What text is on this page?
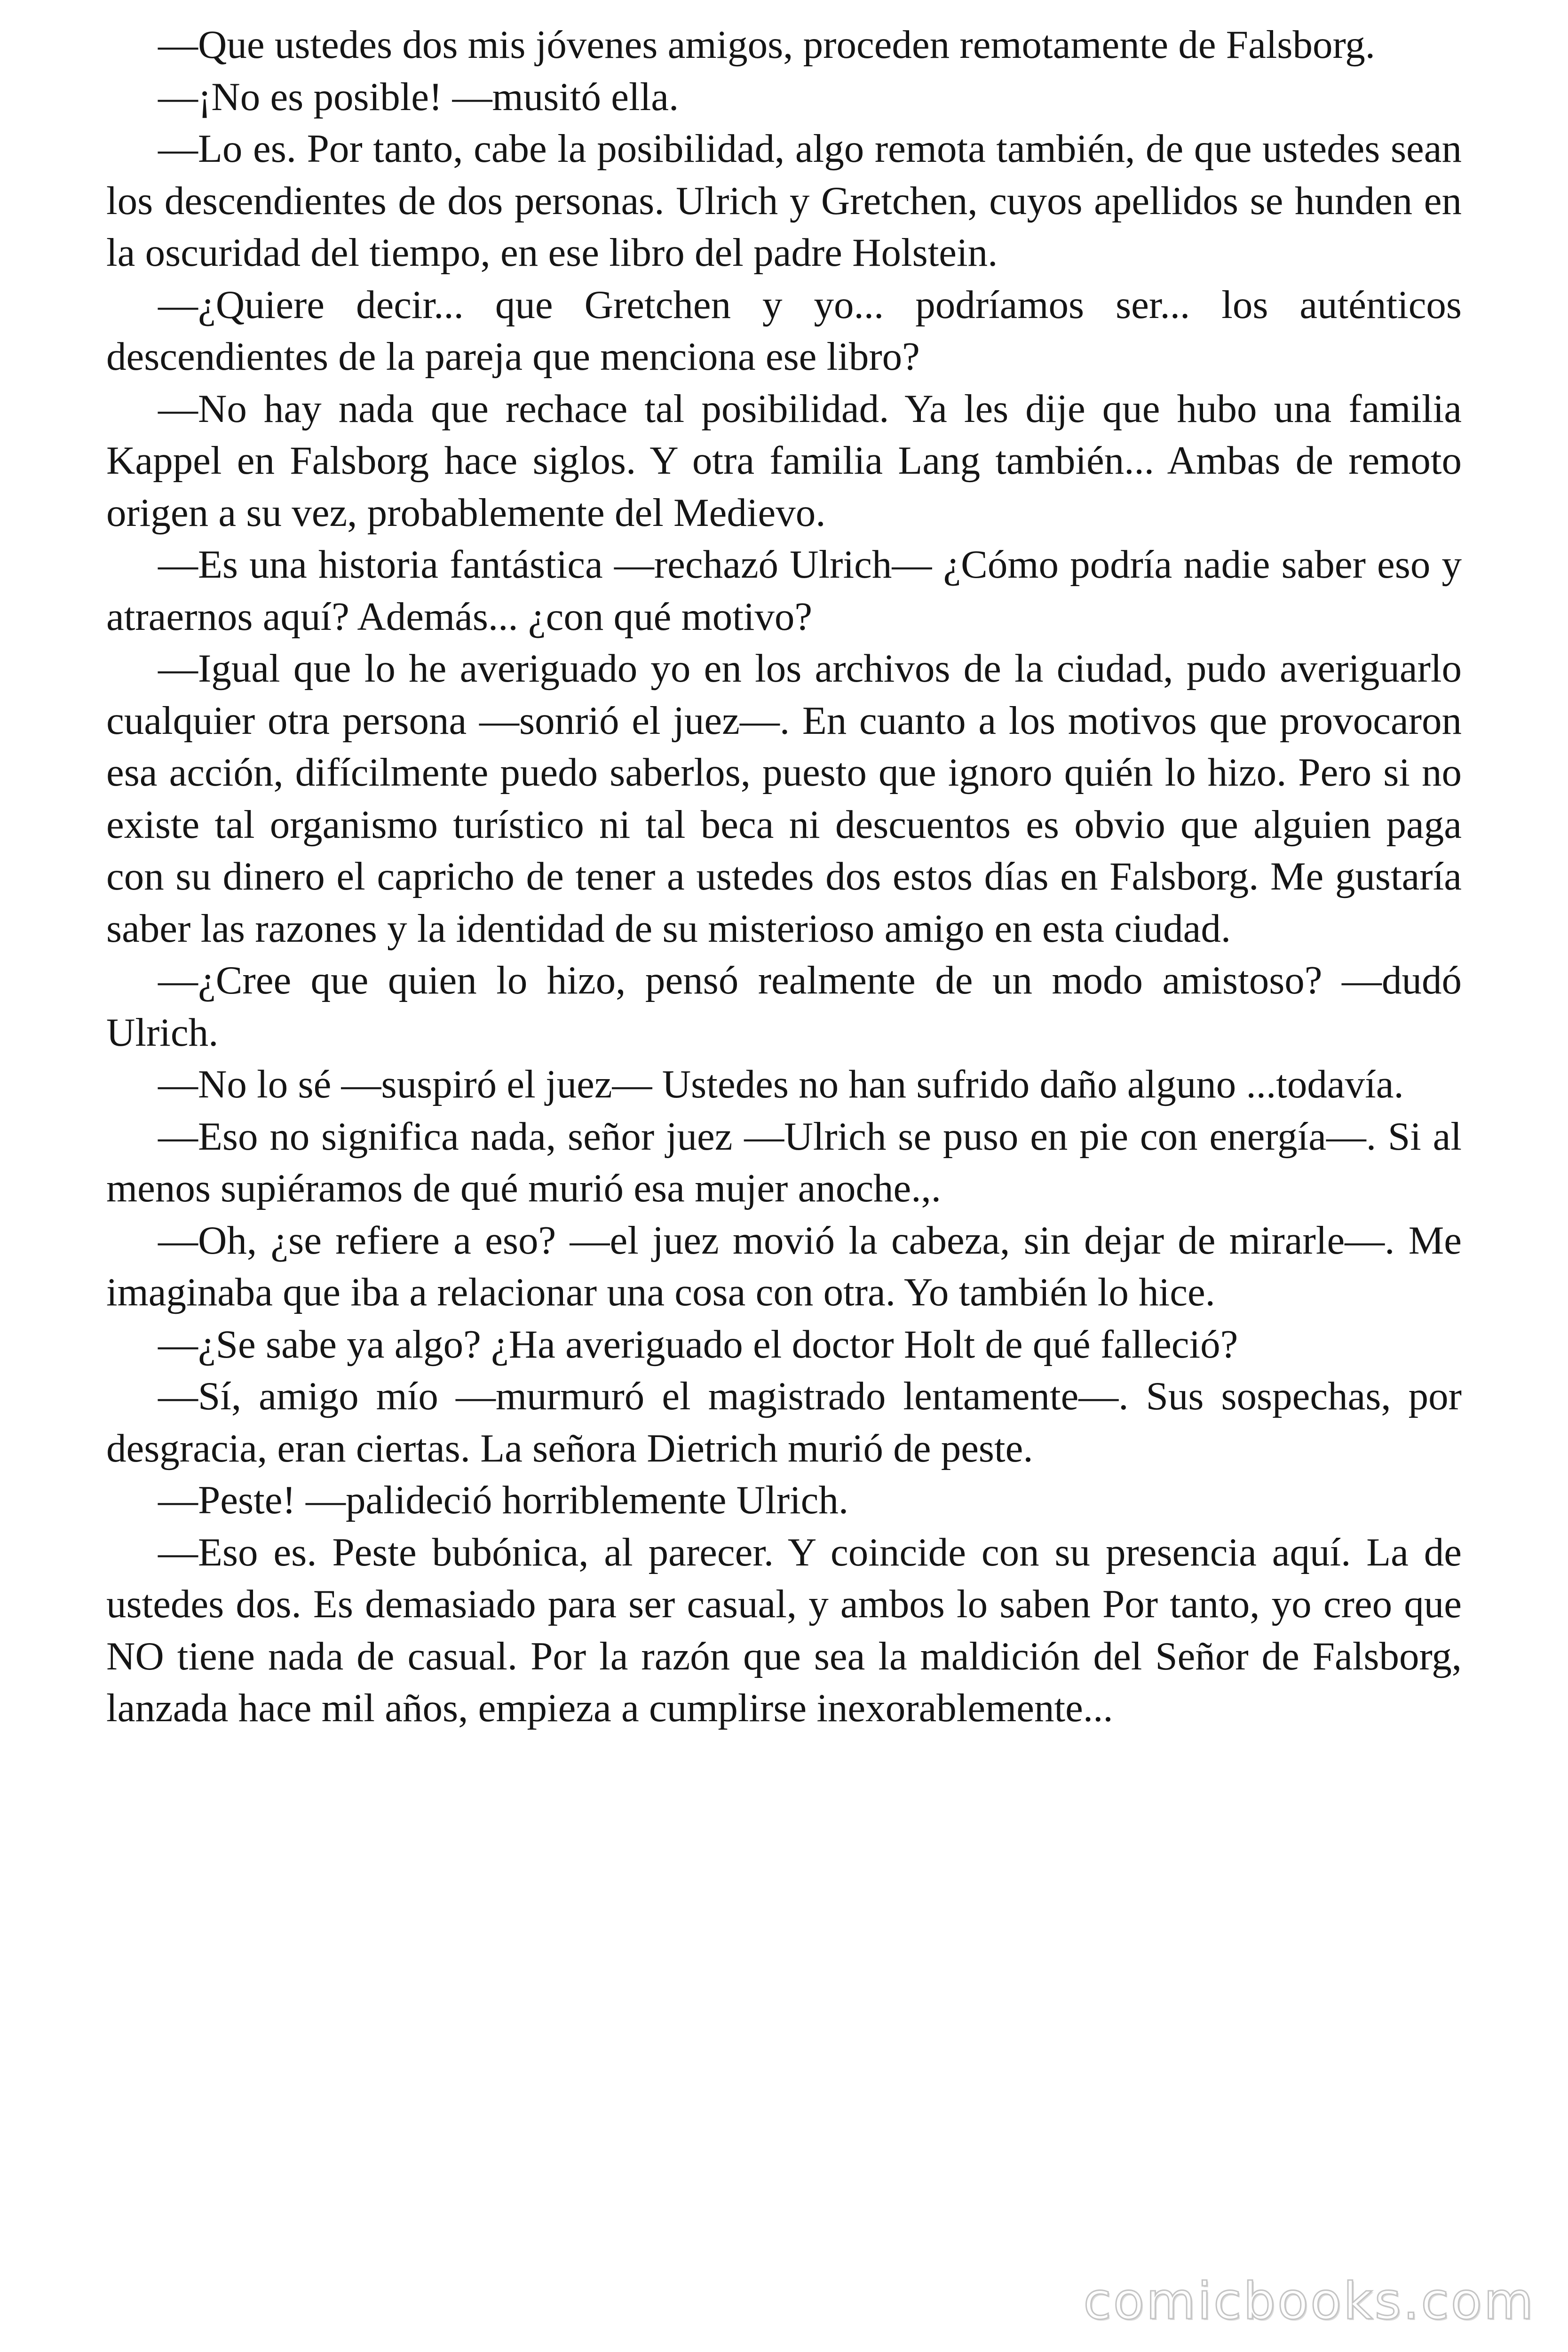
—Que ustedes dos mis jóvenes amigos, proceden remotamente de Falsborg.

—¡No es posible! —musitó ella.

—Lo es. Por tanto, cabe la posibilidad, algo remota también, de que ustedes sean los descendientes de dos personas. Ulrich y Gretchen, cuyos apellidos se hunden en la oscuridad del tiempo, en ese libro del padre Holstein.

—¿Quiere decir... que Gretchen y yo... podríamos ser... los auténticos descendientes de la pareja que menciona ese libro?

—No hay nada que rechace tal posibilidad. Ya les dije que hubo una familia Kappel en Falsborg hace siglos. Y otra familia Lang también... Ambas de remoto origen a su vez, probablemente del Medievo.

—Es una historia fantástica —rechazó Ulrich— ¿Cómo podría nadie saber eso y atraernos aquí? Además... ¿con qué motivo?

—Igual que lo he averiguado yo en los archivos de la ciudad, pudo averiguarlo cualquier otra persona —sonrió el juez—. En cuanto a los motivos que provocaron esa acción, difícilmente puedo saberlos, puesto que ignoro quién lo hizo. Pero si no existe tal organismo turístico ni tal beca ni descuentos es obvio que alguien paga con su dinero el capricho de tener a ustedes dos estos días en Falsborg. Me gustaría saber las razones y la identidad de su misterioso amigo en esta ciudad.

—¿Cree que quien lo hizo, pensó realmente de un modo amistoso? —dudó Ulrich.

—No lo sé —suspiró el juez— Ustedes no han sufrido daño alguno ...todavía.

—Eso no significa nada, señor juez —Ulrich se puso en pie con energía—. Si al menos supiéramos de qué murió esa mujer anoche.,.

—Oh, ¿se refiere a eso? —el juez movió la cabeza, sin dejar de mirarle—. Me imaginaba que iba a relacionar una cosa con otra. Yo también lo hice.

—¿Se sabe ya algo? ¿Ha averiguado el doctor Holt de qué falleció?

—Sí, amigo mío —murmuró el magistrado lentamente—. Sus sospechas, por desgracia, eran ciertas. La señora Dietrich murió de peste.

—Peste! —palideció horriblemente Ulrich.

—Eso es. Peste bubónica, al parecer. Y coincide con su presencia aquí. La de ustedes dos. Es demasiado para ser casual, y ambos lo saben Por tanto, yo creo que NO tiene nada de casual. Por la razón que sea la maldición del Señor de Falsborg, lanzada hace mil años, empieza a cumplirse inexorablemente...

comicbooks.com
